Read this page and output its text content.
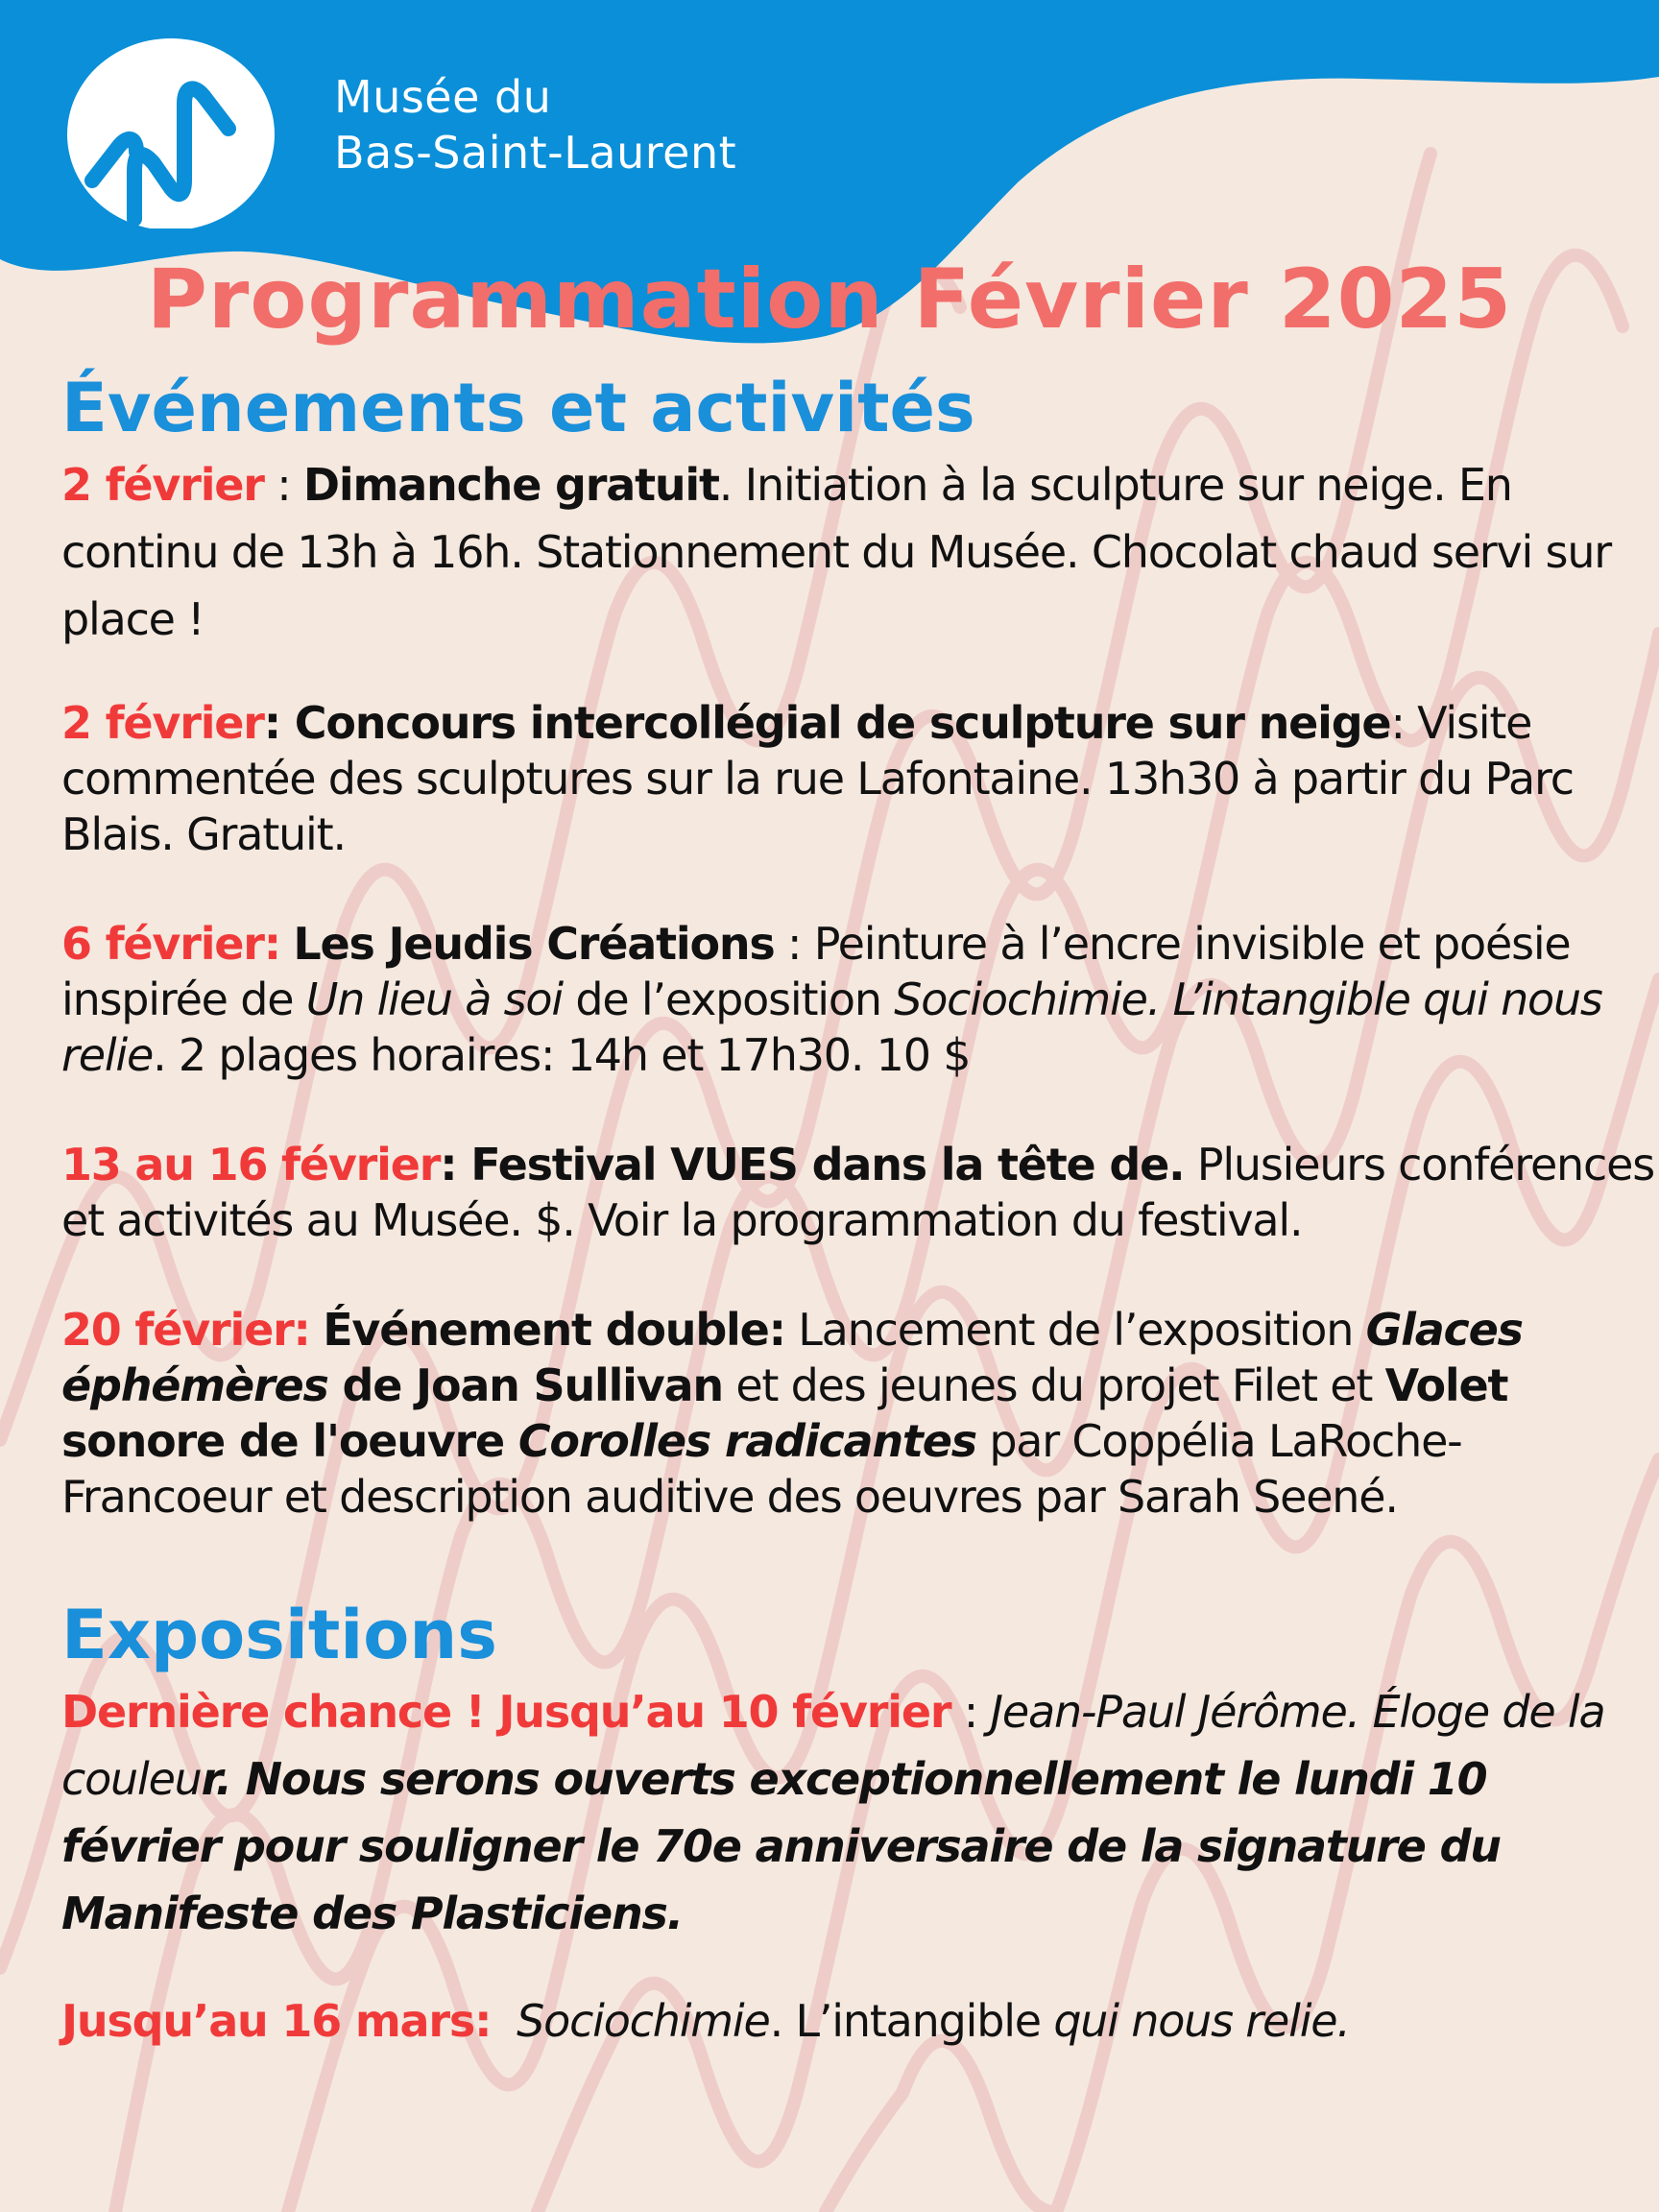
Musée du
Bas-Saint-Laurent
Programmation Février 2025
Événements et activités

2 février : Dimanche gratuit. Initiation à la sculpture sur neige. En continu de 13h à 16h. Stationnement du Musée. Chocolat chaud servi sur place !

2 février: Concours intercollégial de sculpture sur neige: Visite commentée des sculptures sur la rue Lafontaine. 13h30 à partir du Parc Blais. Gratuit.

6 février: Les Jeudis Créations : Peinture à l’encre invisible et poésie inspirée de Un lieu à soi de l’exposition Sociochimie. L’intangible qui nous relie. 2 plages horaires: 14h et 17h30. 10 $

13 au 16 février: Festival VUES dans la tête de. Plusieurs conférences et activités au Musée. $. Voir la programmation du festival.

20 février: Événement double: Lancement de l’exposition Glaces éphémères de Joan Sullivan et des jeunes du projet Filet et Volet sonore de l'oeuvre Corolles radicantes par Coppélia LaRoche-Francoeur et description auditive des oeuvres par Sarah Seené.

Expositions

Dernière chance ! Jusqu’au 10 février : Jean-Paul Jérôme. Éloge de la couleur. Nous serons ouverts exceptionnellement le lundi 10 février pour souligner le 70e anniversaire de la signature du Manifeste des Plasticiens.

Jusqu’au 16 mars: Sociochimie. L’intangible qui nous relie.
